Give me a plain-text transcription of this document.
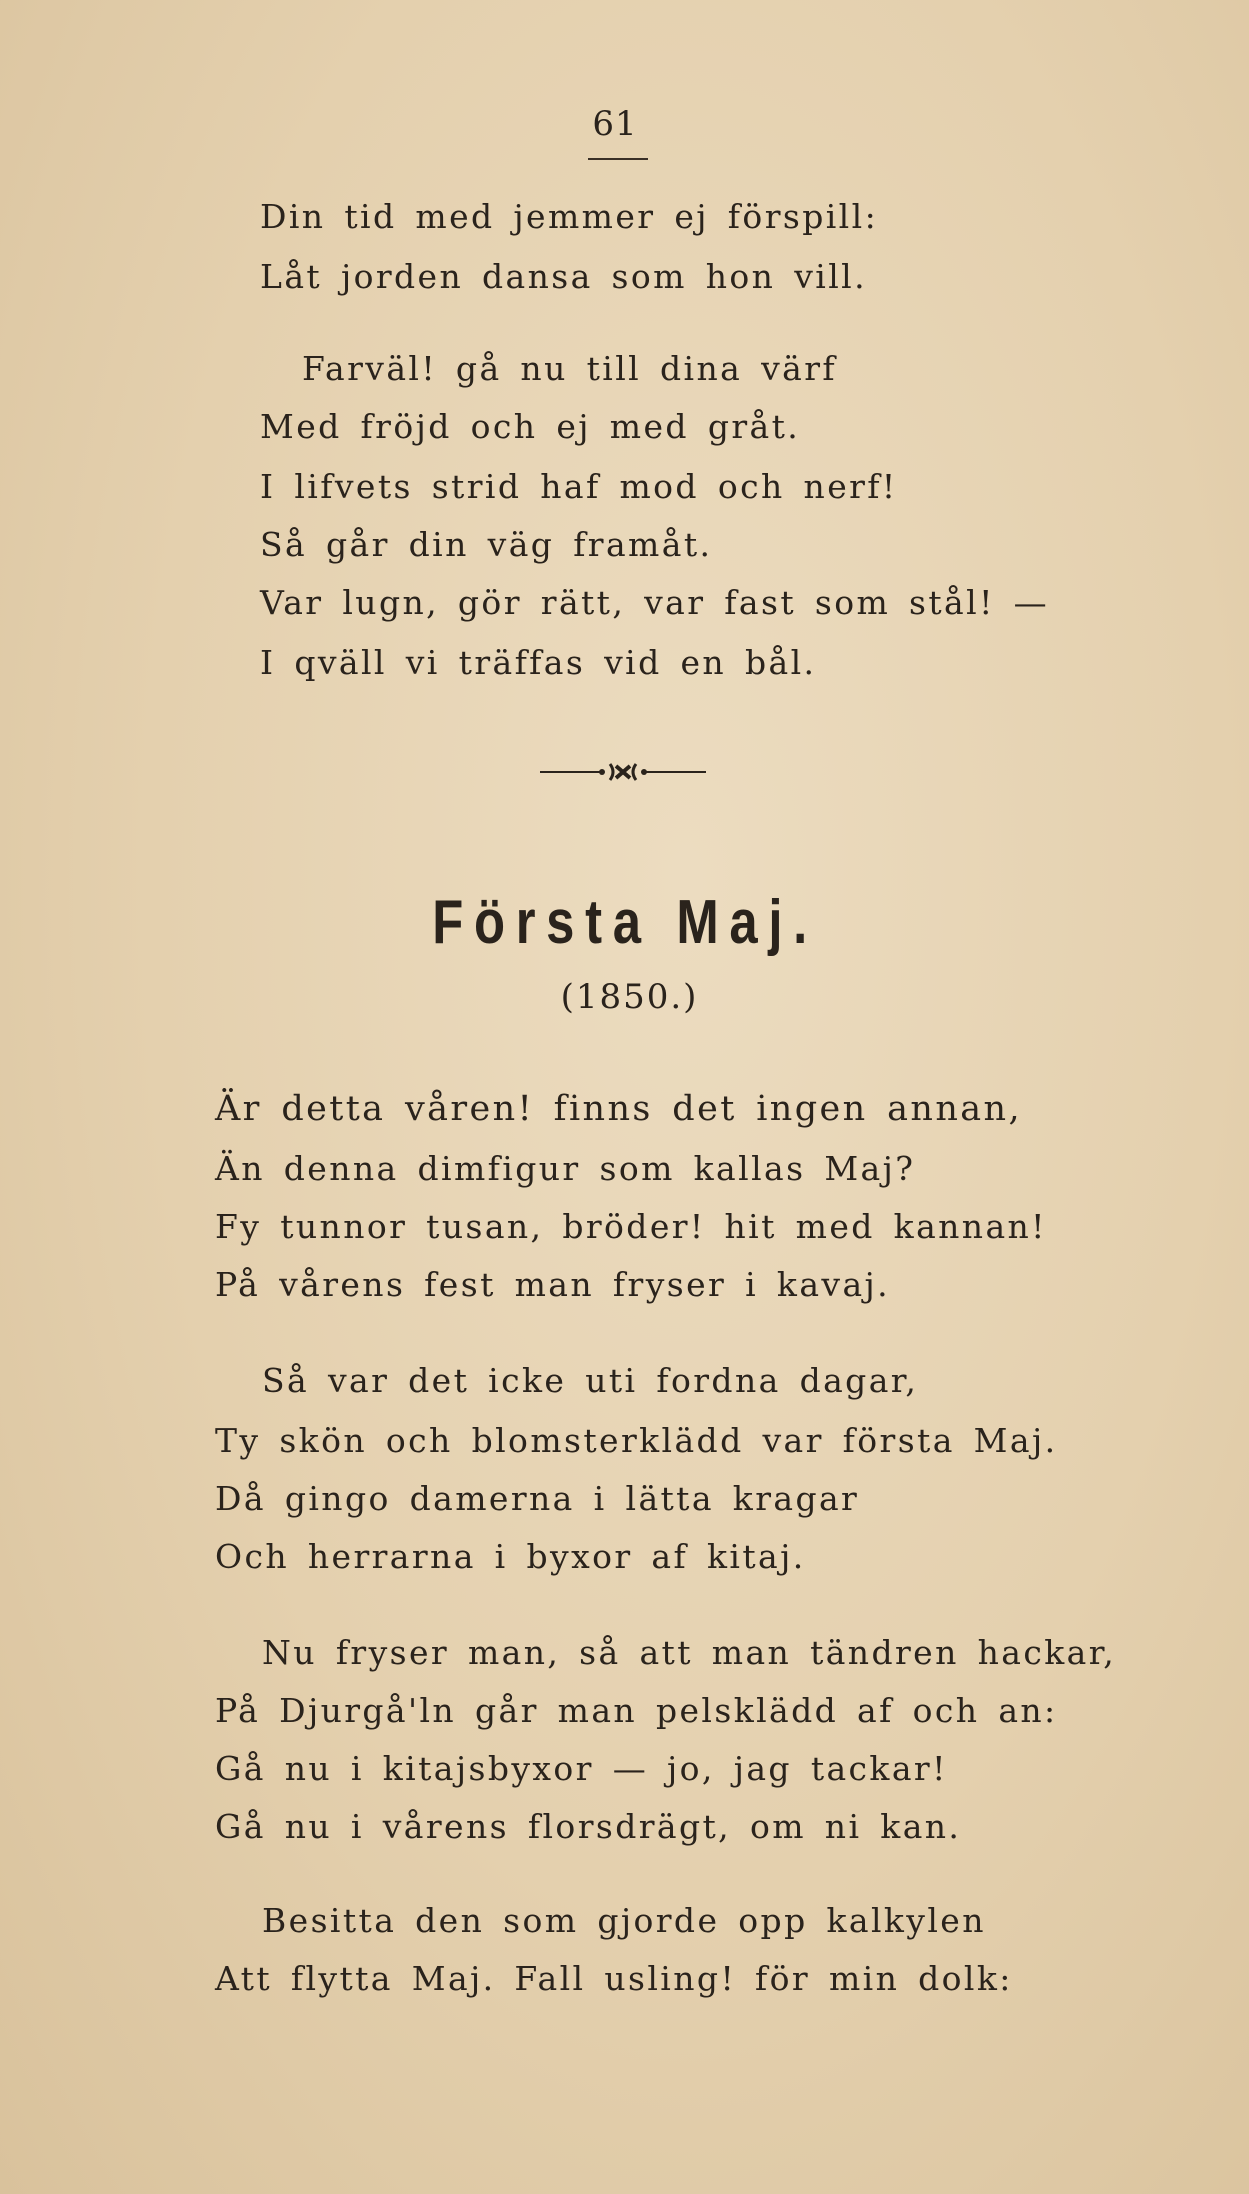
61
Din tid med jemmer ej förspill:
Låt jorden dansa som hon vill.
Farväl! gå nu till dina värf
Med fröjd och ej med gråt.
I lifvets strid haf mod och nerf!
Så går din väg framåt.
Var lugn, gör rätt, var fast som stål! —
I qväll vi träffas vid en bål.
Första Maj.
(1850.)
Är detta våren! finns det ingen annan,
Än denna dimfigur som kallas Maj?
Fy tunnor tusan, bröder! hit med kannan!
På vårens fest man fryser i kavaj.
Så var det icke uti fordna dagar,
Ty skön och blomsterklädd var första Maj.
Då gingo damerna i lätta kragar
Och herrarna i byxor af kitaj.
Nu fryser man, så att man tändren hackar,
På Djurgå'ln går man pelsklädd af och an:
Gå nu i kitajsbyxor — jo, jag tackar!
Gå nu i vårens florsdrägt, om ni kan.
Besitta den som gjorde opp kalkylen
Att flytta Maj. Fall usling! för min dolk:
